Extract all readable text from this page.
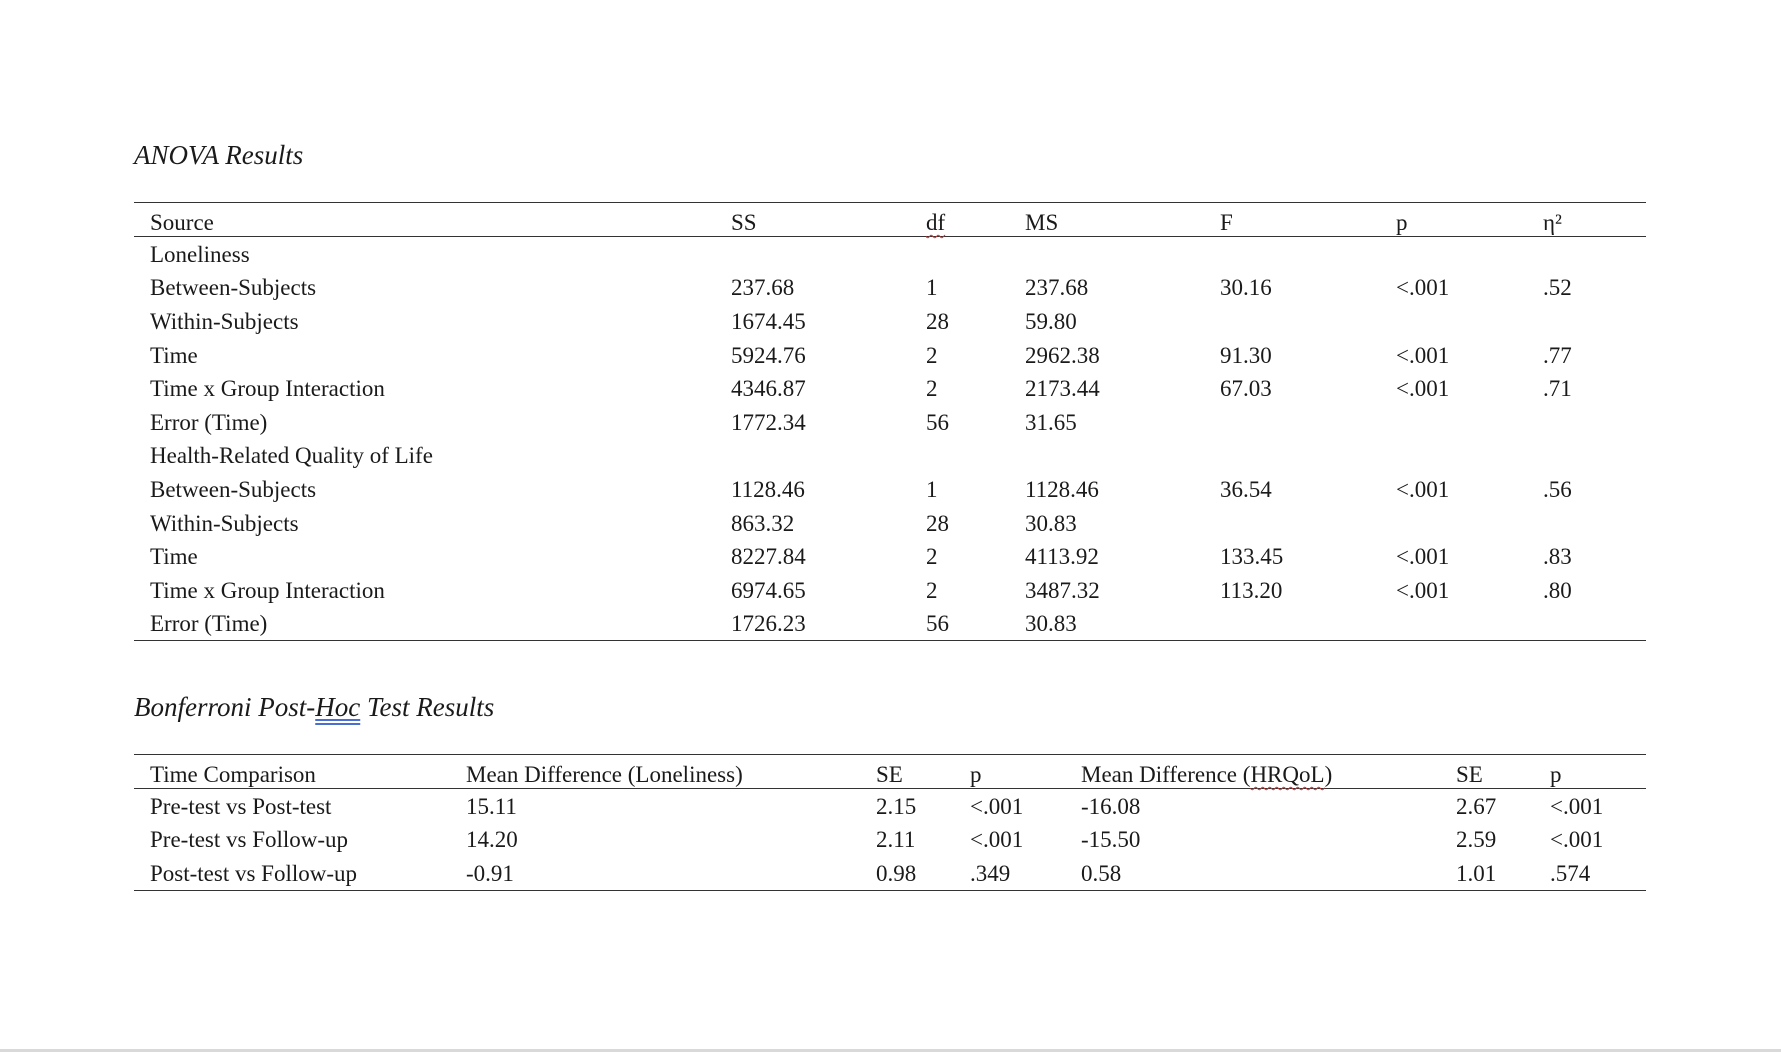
ANOVA Results
Source	SS	df	MS	F	p	η²
Loneliness
Between-Subjects	237.68	1	237.68	30.16	<.001	.52
Within-Subjects	1674.45	28	59.80
Time	5924.76	2	2962.38	91.30	<.001	.77
Time x Group Interaction	4346.87	2	2173.44	67.03	<.001	.71
Error (Time)	1772.34	56	31.65
Health-Related Quality of Life
Between-Subjects	1128.46	1	1128.46	36.54	<.001	.56
Within-Subjects	863.32	28	30.83
Time	8227.84	2	4113.92	133.45	<.001	.83
Time x Group Interaction	6974.65	2	3487.32	113.20	<.001	.80
Error (Time)	1726.23	56	30.83
Bonferroni Post-Hoc Test Results
Time Comparison	Mean Difference (Loneliness)	SE	p	Mean Difference (HRQoL)	SE	p
Pre-test vs Post-test	15.11	2.15 <.001	-16.08	2.67 <.001
Pre-test vs Follow-up	14.20	2.11 <.001	-15.50	2.59 <.001
Post-test vs Follow-up	-0.91	0.98 .349	0.58	1.01 .574
